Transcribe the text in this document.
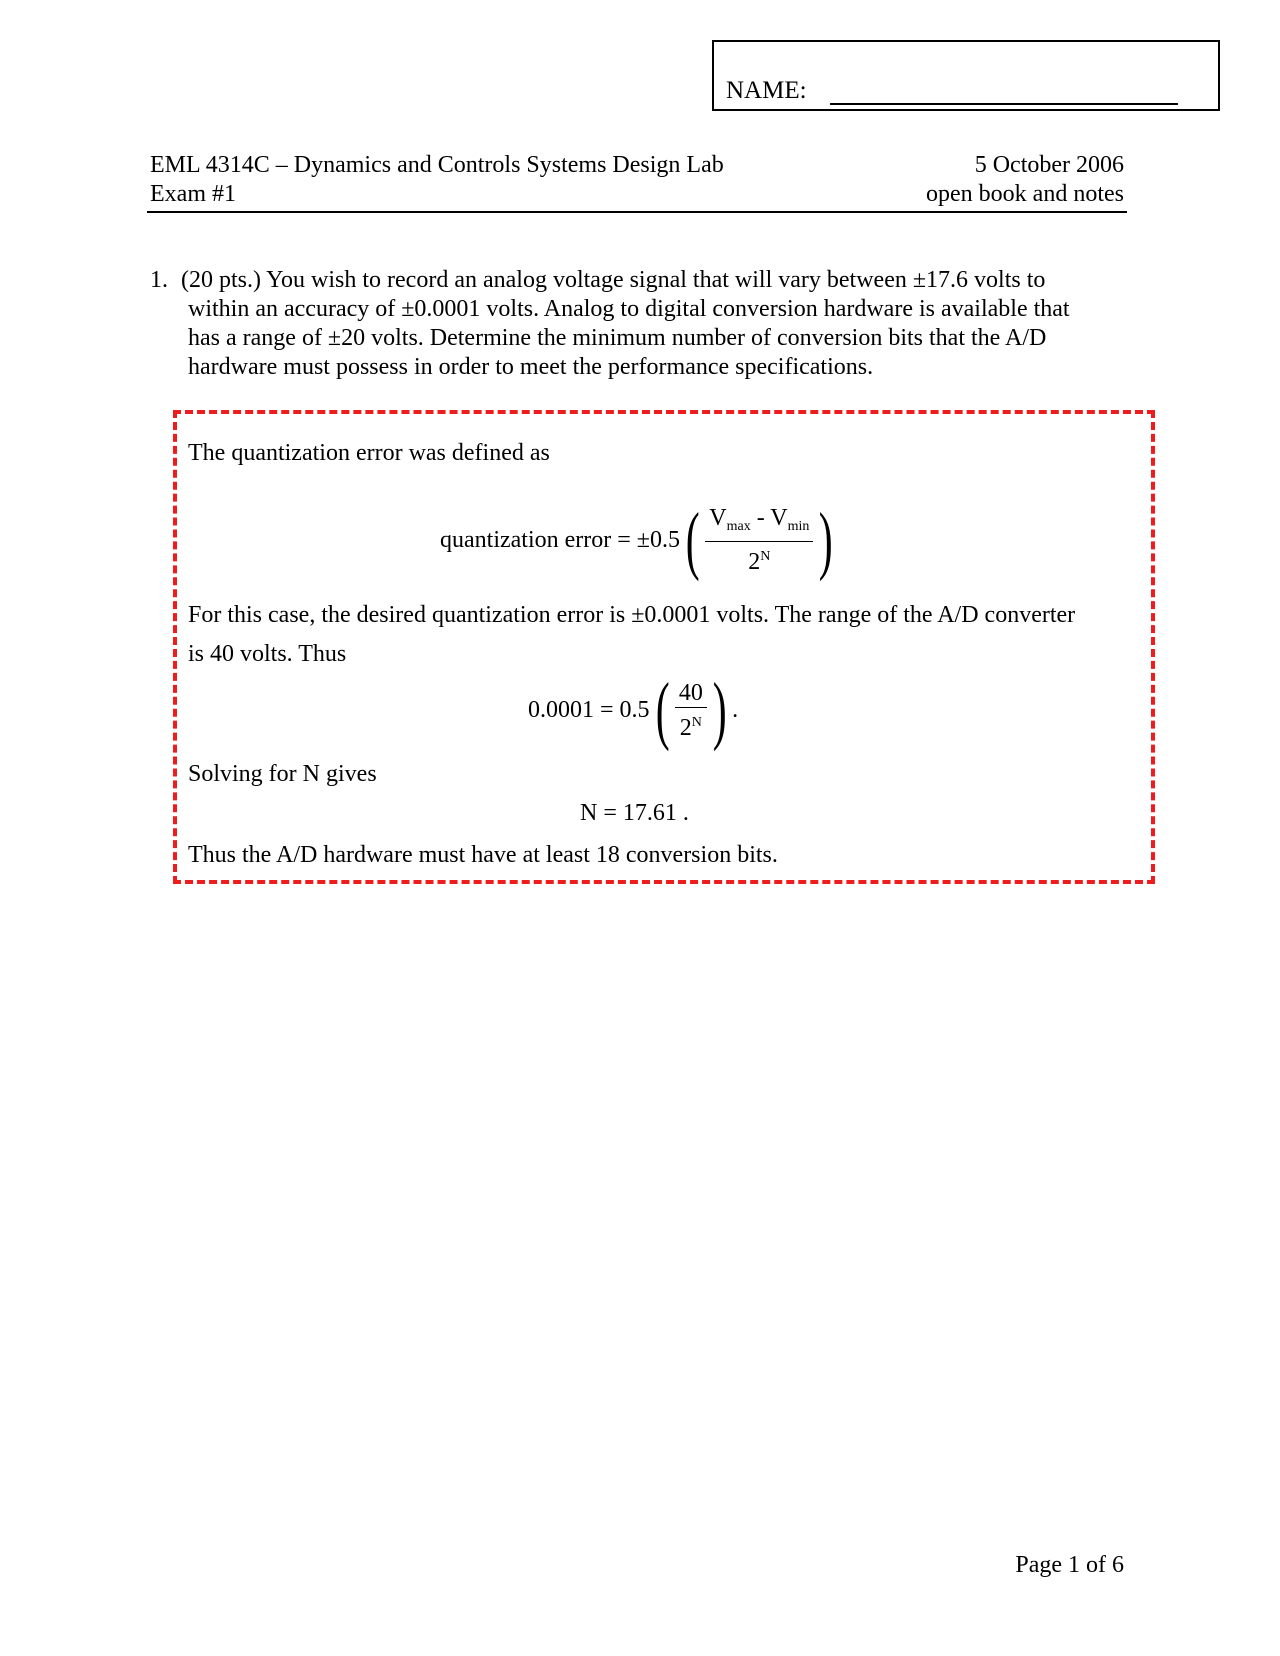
NAME:
EML 4314C – Dynamics and Controls Systems Design Lab
Exam #1
5 October 2006
open book and notes
1. (20 pts.) You wish to record an analog voltage signal that will vary between ±17.6 volts to
within an accuracy of ±0.0001 volts. Analog to digital conversion hardware is available that
has a range of ±20 volts. Determine the minimum number of conversion bits that the A/D
hardware must possess in order to meet the performance specifications.
The quantization error was defined as
quantization error = ±0.5 ( $\frac{V_{max} - V_{min}}{2^N}$ )
For this case, the desired quantization error is ±0.0001 volts. The range of the A/D converter
is 40 volts. Thus
0.0001 = 0.5 ( $\frac{40}{2^N}$ ) .
Solving for N gives
N = 17.61 .
Thus the A/D hardware must have at least 18 conversion bits.
Page 1 of 6
